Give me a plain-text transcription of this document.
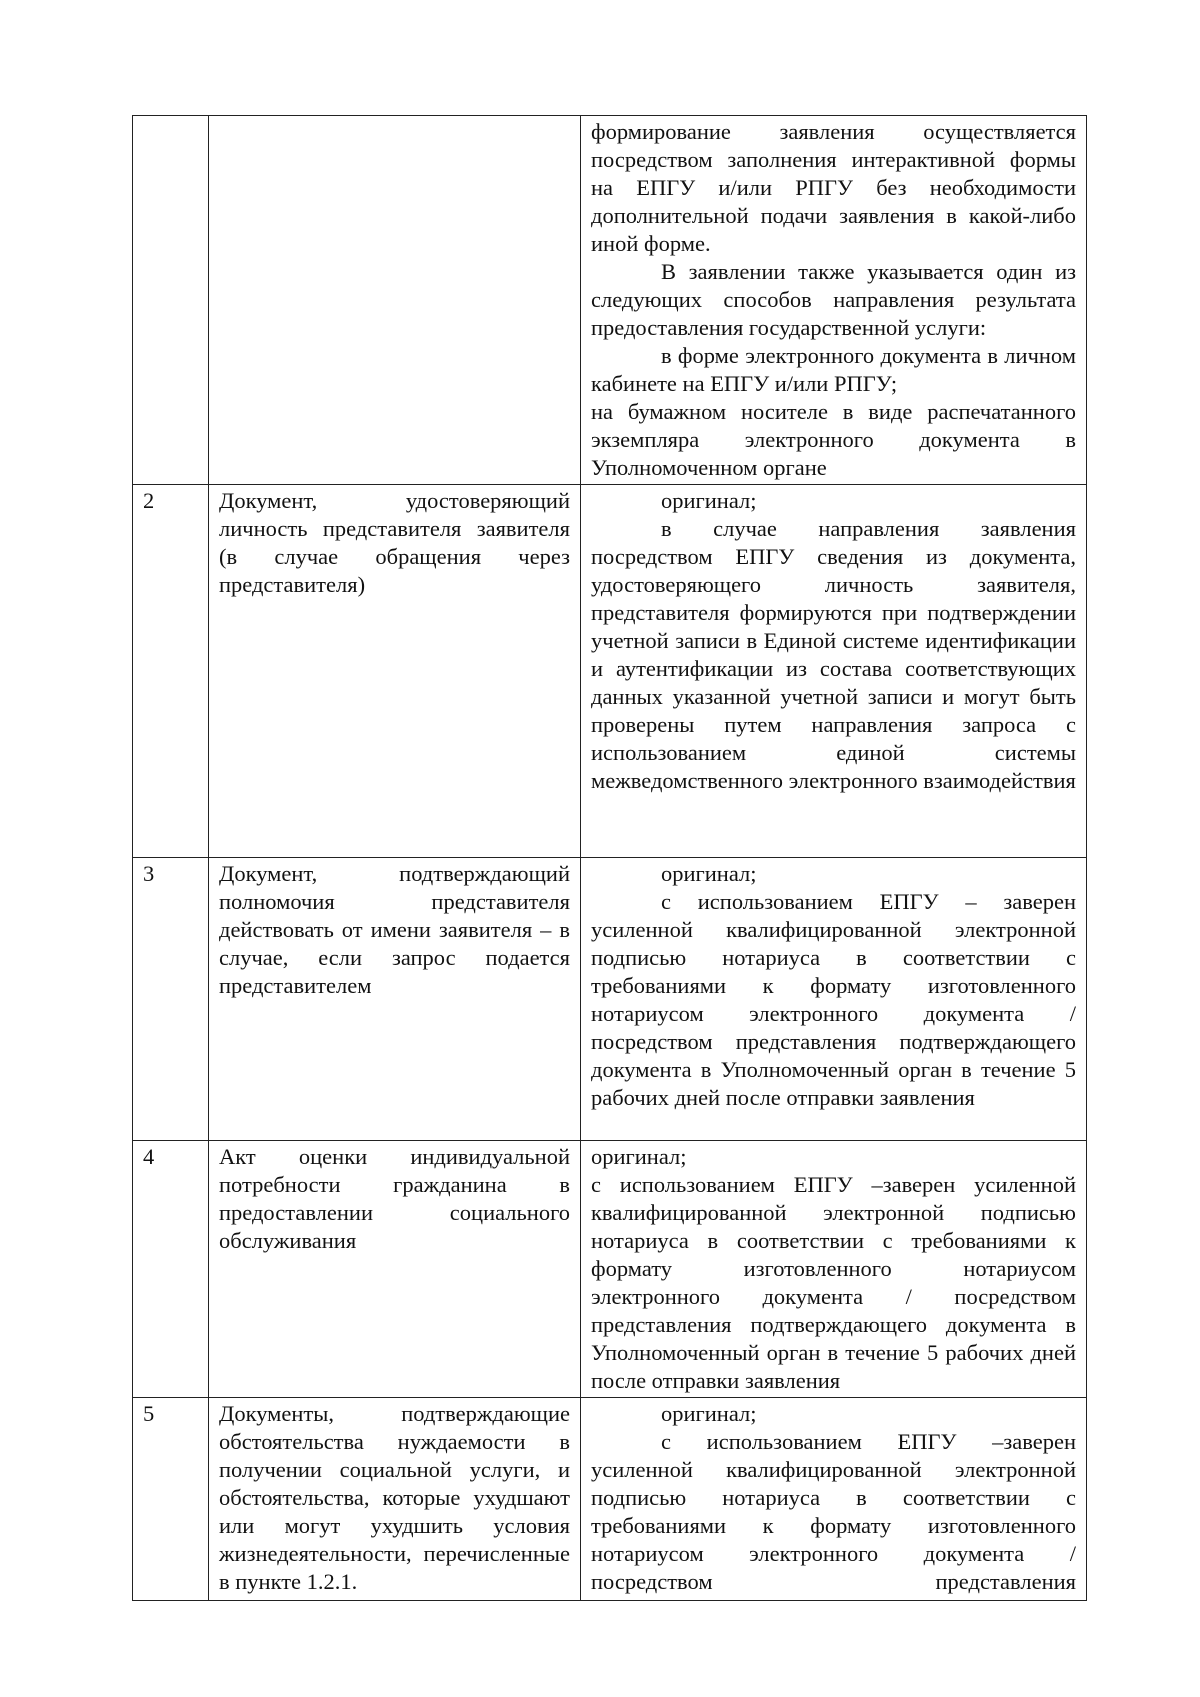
		формирование заявления осуществляется посредством заполнения интерактивной формы на ЕПГУ и/или РПГУ без необходимости дополнительной подачи заявления в какой-либо иной форме.

В заявлении также указывается один из следующих способов направления результата предоставления государственной услуги:

в форме электронного документа в личном кабинете на ЕПГУ и/или РПГУ;

на бумажном носителе в виде распечатанного экземпляра электронного документа в Уполномоченном органе

2	Документ, удостоверяющий личность представителя заявителя (в случае обращения через представителя)	оригинал;

в случае направления заявления посредством ЕПГУ сведения из документа, удостоверяющего личность заявителя, представителя формируются при подтверждении учетной записи в Единой системе идентификации и аутентификации из состава соответствующих данных указанной учетной записи и могут быть проверены путем направления запроса с использованием единой системы межведомственного электронного взаимодействия

3	Документ, подтверждающий полномочия представителя действовать от имени заявителя – в случае, если запрос подается представителем	оригинал;

с использованием ЕПГУ – заверен усиленной квалифицированной электронной подписью нотариуса в соответствии с требованиями к формату изготовленного нотариусом электронного документа / посредством представления подтверждающего документа в Уполномоченный орган в течение 5 рабочих дней после отправки заявления

4	Акт оценки индивидуальной потребности гражданина в предоставлении социального обслуживания	оригинал;

с использованием ЕПГУ –заверен усиленной квалифицированной электронной подписью нотариуса в соответствии с требованиями к формату изготовленного нотариусом электронного документа / посредством представления подтверждающего документа в Уполномоченный орган в течение 5 рабочих дней после отправки заявления

5	Документы, подтверждающие обстоятельства нуждаемости в получении социальной услуги, и обстоятельства, которые ухудшают или могут ухудшить условия жизнедеятельности, перечисленные в пункте 1.2.1.	оригинал;

с использованием ЕПГУ –заверен усиленной квалифицированной электронной подписью нотариуса в соответствии с требованиями к формату изготовленного нотариусом электронного документа / посредством представления
